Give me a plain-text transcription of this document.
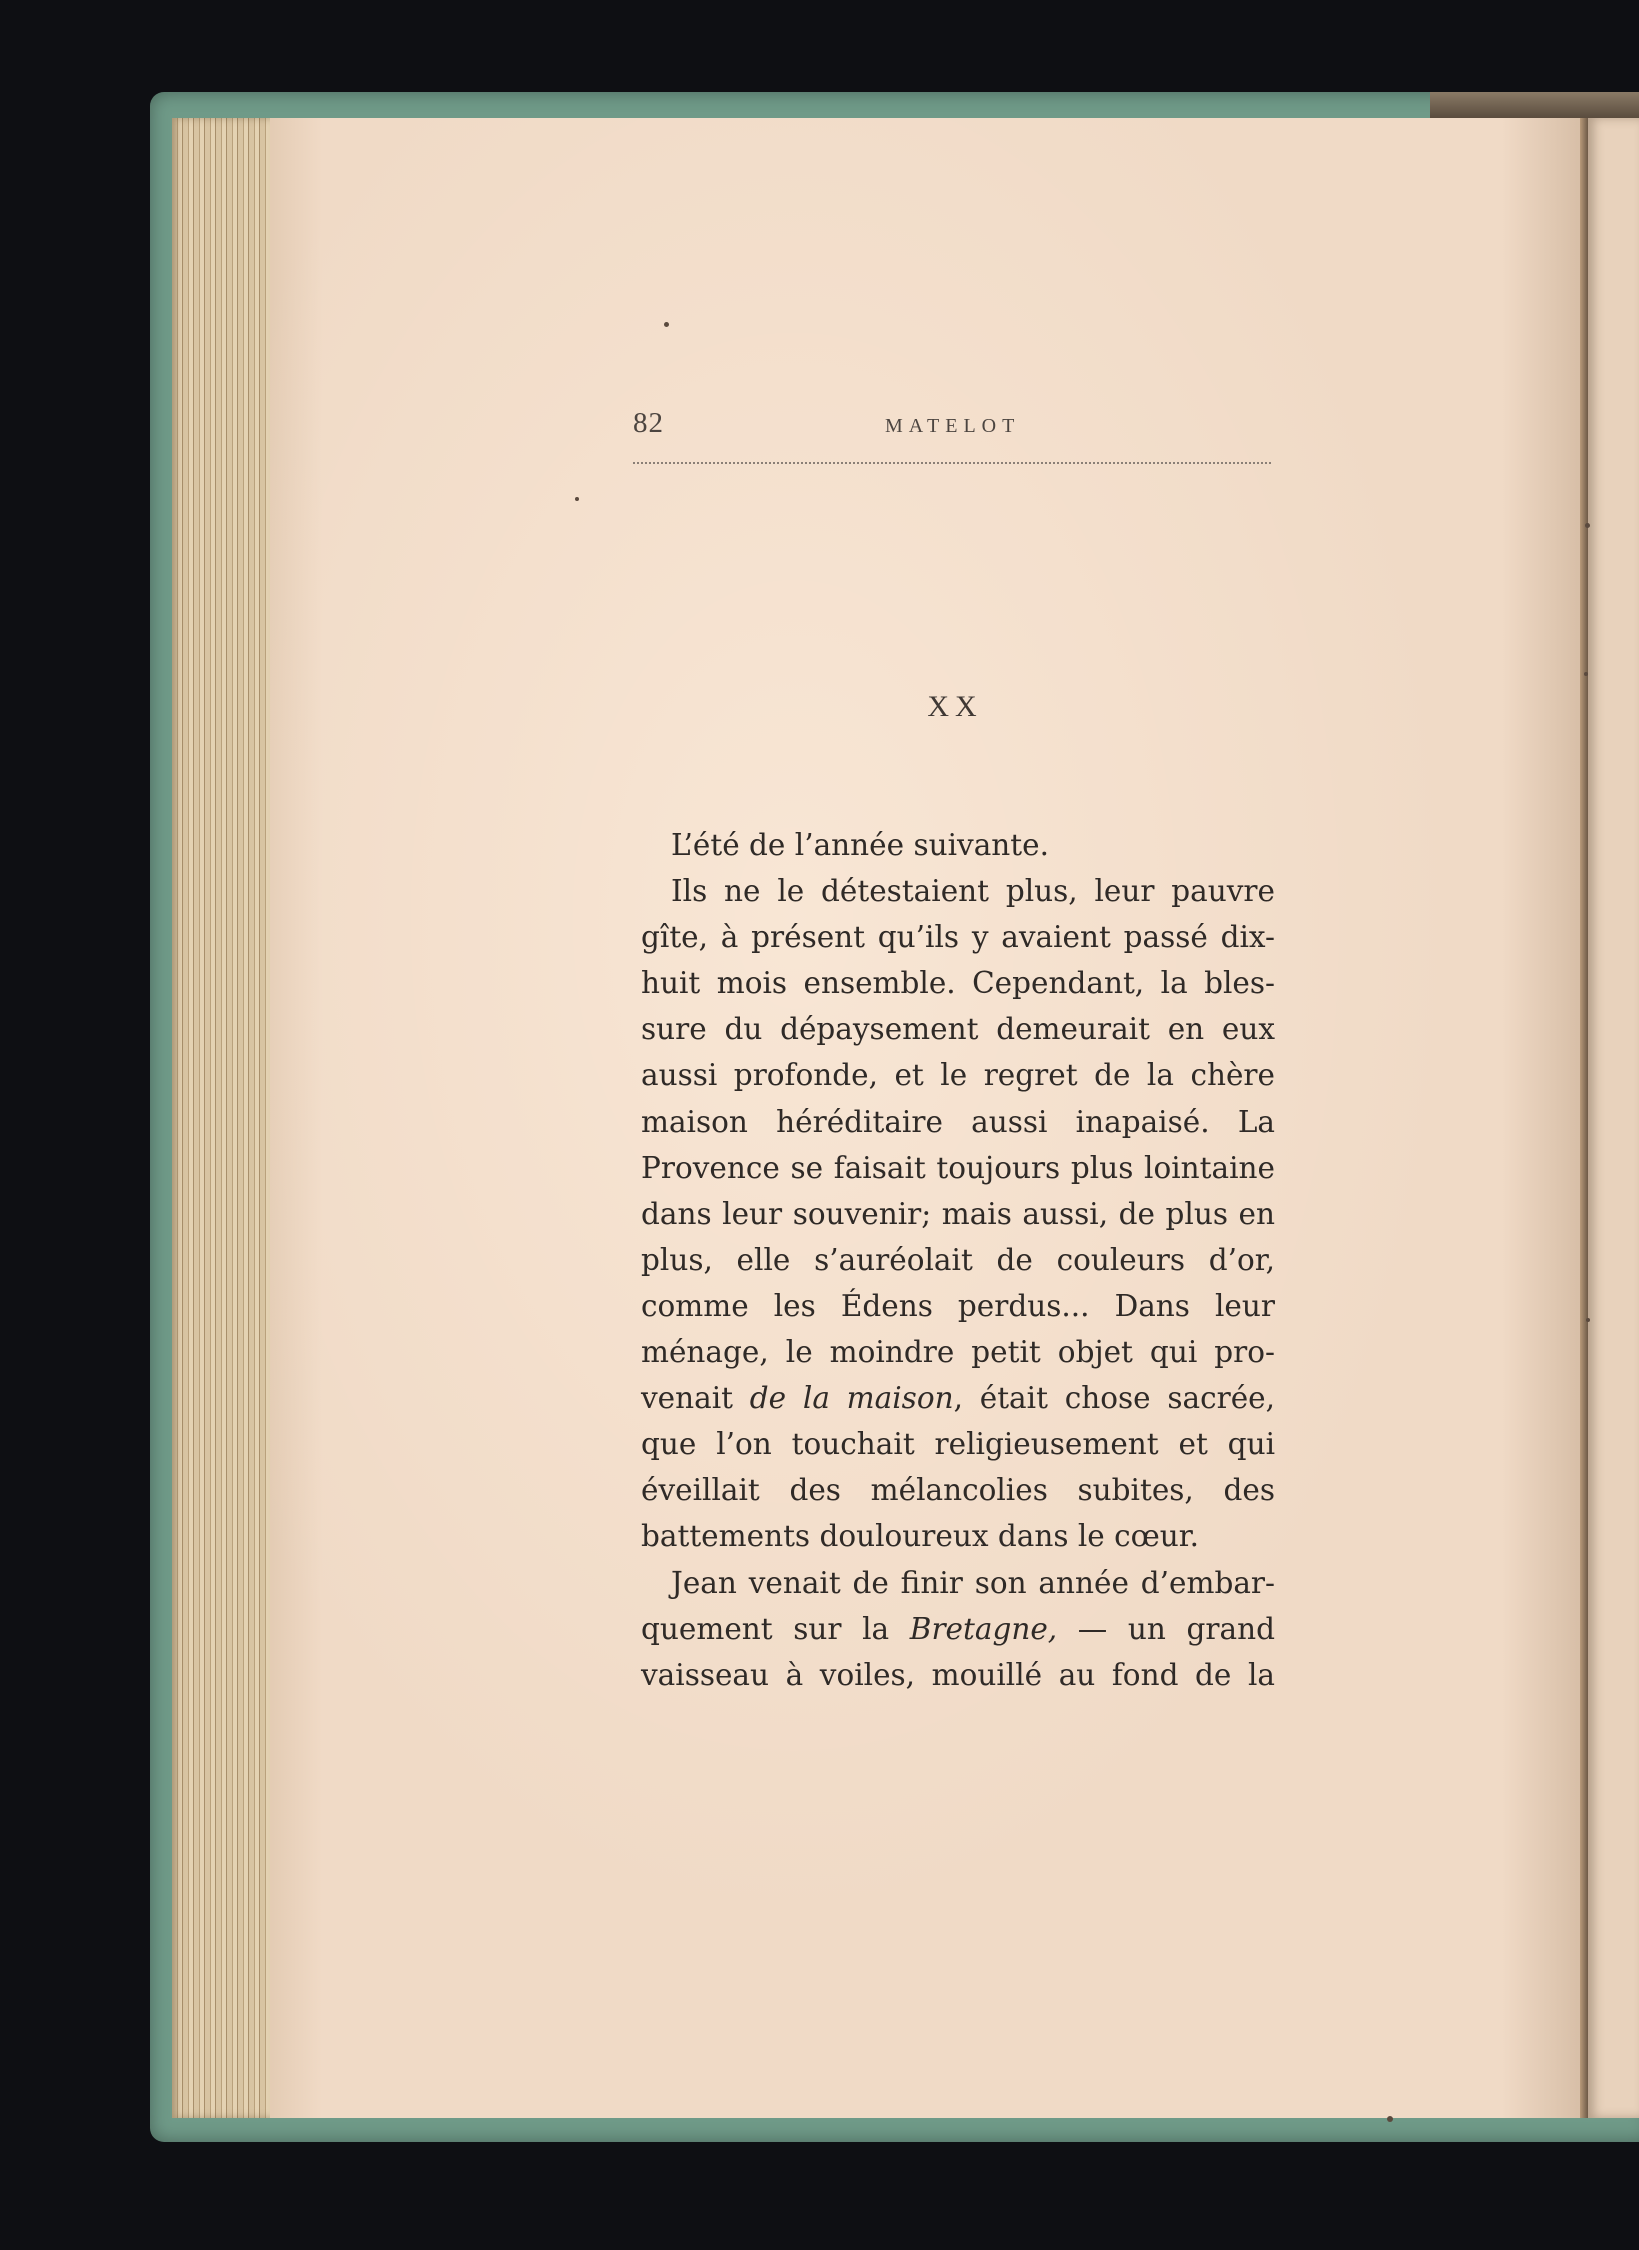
82	MATELOT
XX
L’été de l’année suivante.
Ils ne le détestaient plus, leur pauvre
gîte, à présent qu’ils y avaient passé dix-
huit mois ensemble. Cependant, la bles-
sure du dépaysement demeurait en eux
aussi profonde, et le regret de la chère
maison héréditaire aussi inapaisé. La
Provence se faisait toujours plus lointaine
dans leur souvenir; mais aussi, de plus en
plus, elle s’auréolait de couleurs d’or,
comme les Édens perdus... Dans leur
ménage, le moindre petit objet qui pro-
venait de la maison, était chose sacrée,
que l’on touchait religieusement et qui
éveillait des mélancolies subites, des
battements douloureux dans le cœur.
Jean venait de finir son année d’embar-
quement sur la Bretagne, — un grand
vaisseau à voiles, mouillé au fond de la
